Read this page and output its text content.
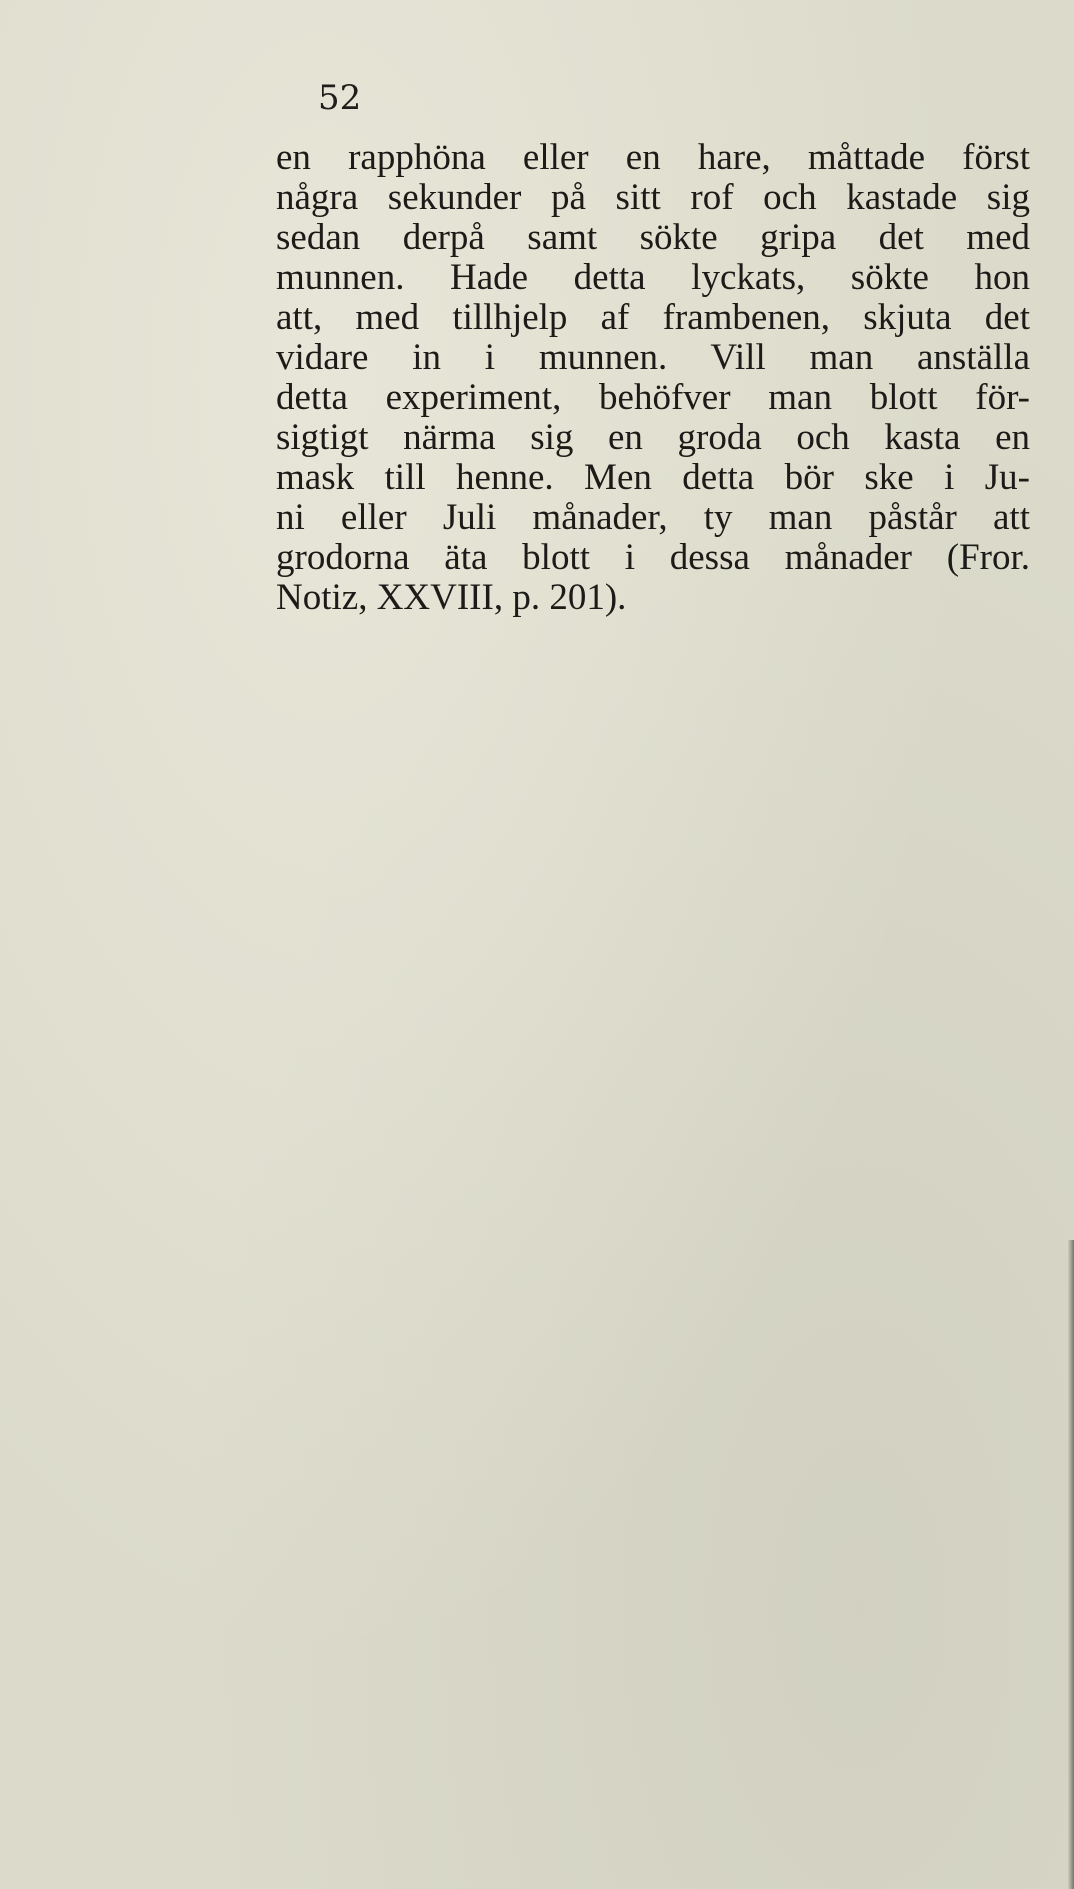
52
en rapphöna eller en hare, måttade först
några sekunder på sitt rof och kastade sig
sedan derpå samt sökte gripa det med
munnen. Hade detta lyckats, sökte hon
att, med tillhjelp af frambenen, skjuta det
vidare in i munnen. Vill man anställa
detta experiment, behöfver man blott för-
sigtigt närma sig en groda och kasta en
mask till henne. Men detta bör ske i Ju-
ni eller Juli månader, ty man påstår att
grodorna äta blott i dessa månader (Fror.
Notiz, XXVIII, p. 201).
